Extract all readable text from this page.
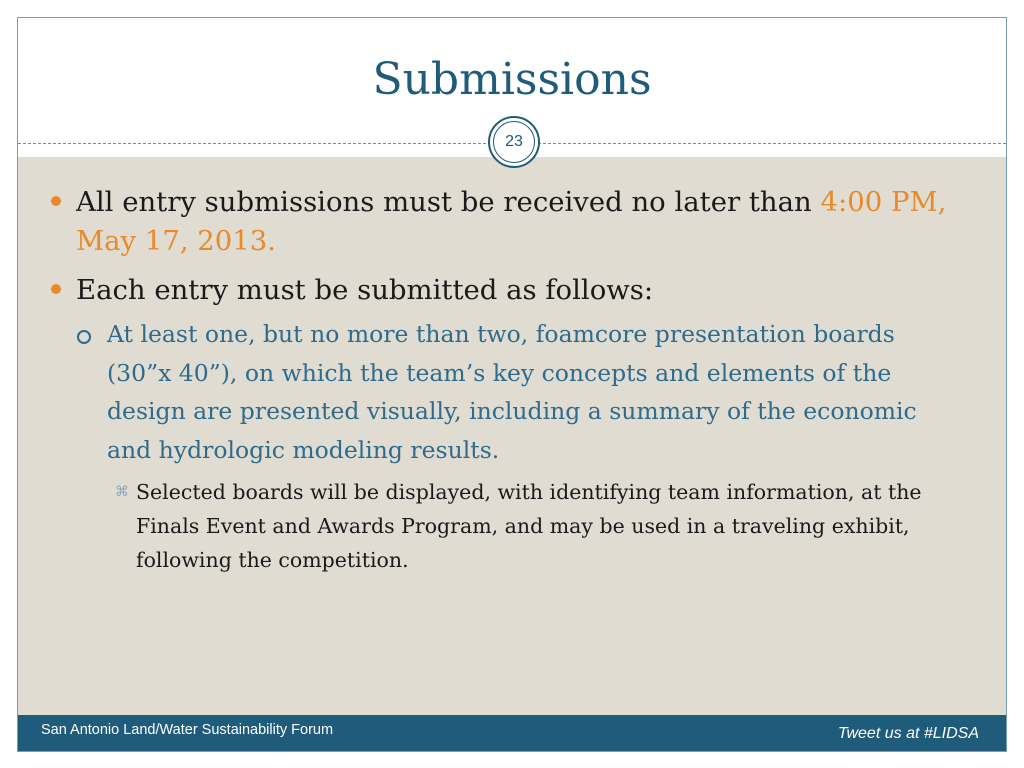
Submissions
All entry submissions must be received no later than 4:00 PM, May 17, 2013.
Each entry must be submitted as follows:
At least one, but no more than two, foamcore presentation boards (30”x 40”), on which the team’s key concepts and elements of the design are presented visually, including a summary of the economic and hydrologic modeling results.
⌘ Selected boards will be displayed, with identifying team information, at the Finals Event and Awards Program, and may be used in a traveling exhibit, following the competition.
23
San Antonio Land/Water Sustainability Forum	Tweet us at #LIDSA
